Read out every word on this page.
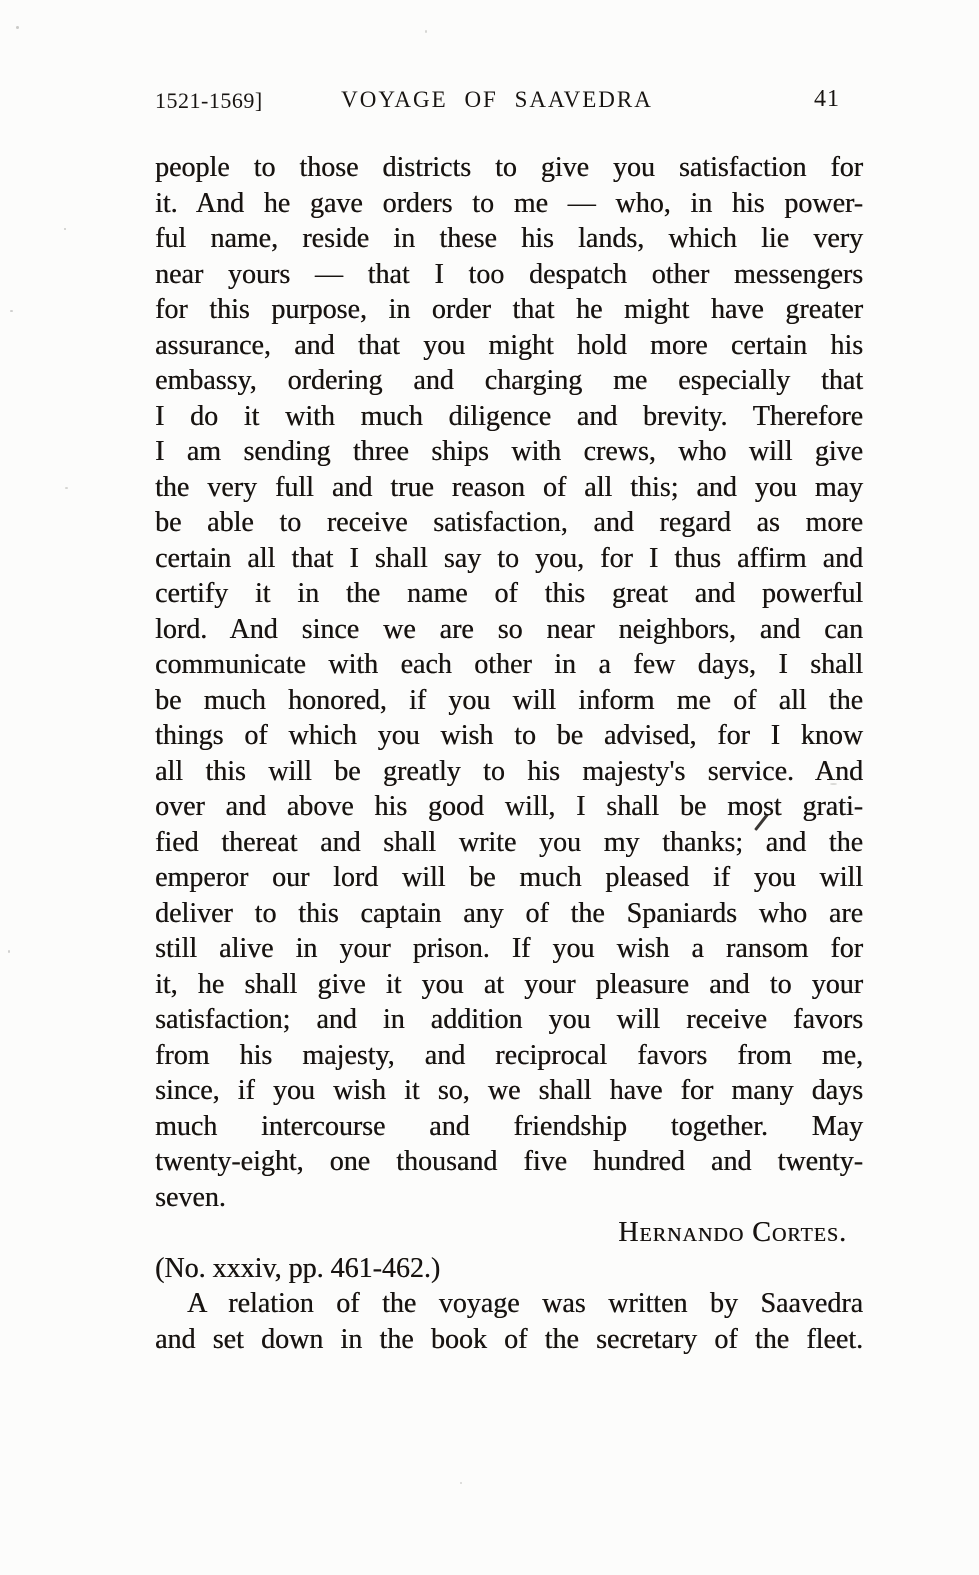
1521-1569]	VOYAGE OF SAAVEDRA	41
people to those districts to give you satisfaction for
it. And he gave orders to me — who, in his power-
ful name, reside in these his lands, which lie very
near yours — that I too despatch other messengers
for this purpose, in order that he might have greater
assurance, and that you might hold more certain his
embassy, ordering and charging me especially that
I do it with much diligence and brevity. Therefore
I am sending three ships with crews, who will give
the very full and true reason of all this; and you may
be able to receive satisfaction, and regard as more
certain all that I shall say to you, for I thus affirm and
certify it in the name of this great and powerful
lord. And since we are so near neighbors, and can
communicate with each other in a few days, I shall
be much honored, if you will inform me of all the
things of which you wish to be advised, for I know
all this will be greatly to his majesty's service. And
over and above his good will, I shall be most grati-
fied thereat and shall write you my thanks; and the
emperor our lord will be much pleased if you will
deliver to this captain any of the Spaniards who are
still alive in your prison. If you wish a ransom for
it, he shall give it you at your pleasure and to your
satisfaction; and in addition you will receive favors
from his majesty, and reciprocal favors from me,
since, if you wish it so, we shall have for many days
much intercourse and friendship together. May
twenty-eight, one thousand five hundred and twenty-
seven.
Hernando Cortes.
(No. xxxiv, pp. 461-462.)
A relation of the voyage was written by Saavedra
and set down in the book of the secretary of the fleet.
